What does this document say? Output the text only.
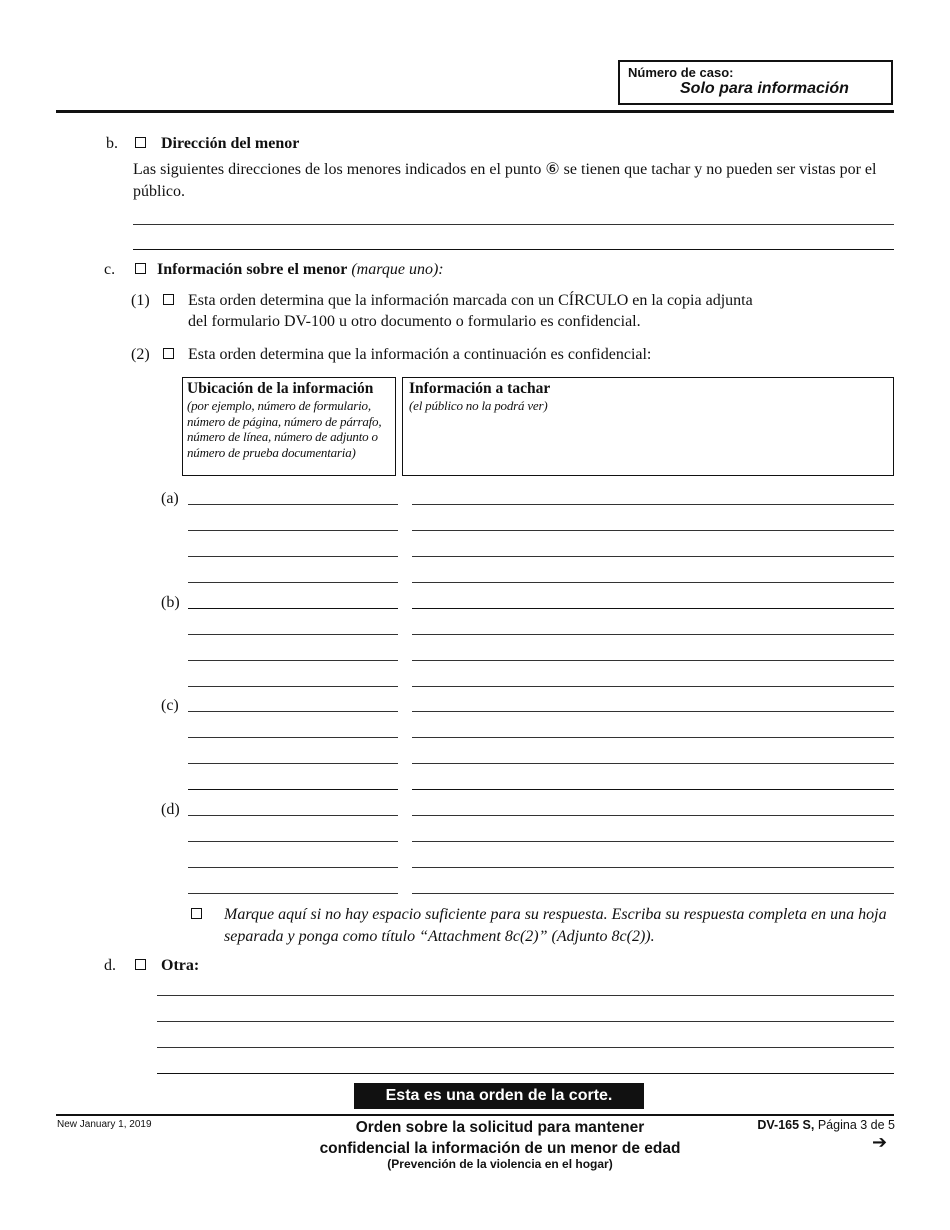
Número de caso:
Solo para información
b.	Dirección del menor
Las siguientes direcciones de los menores indicados en el punto ⑥ se tienen que tachar y no pueden ser vistas por el público.
c.	Información sobre el menor (marque uno):
(1) Esta orden determina que la información marcada con un CÍRCULO en la copia adjunta
del formulario DV-100 u otro documento o formulario es confidencial.
(2) Esta orden determina que la información a continuación es confidencial:
Ubicación de la información
(por ejemplo, número de formulario, número de página, número de párrafo, número de línea, número de adjunto o número de prueba documentaria)
Información a tachar
(el público no la podrá ver)
(a)
(b)
(c)
(d)
Marque aquí si no hay espacio suficiente para su respuesta. Escriba su respuesta completa en una hoja separada y ponga como título “Attachment 8c(2)” (Adjunto 8c(2)).
d.	Otra:
Esta es una orden de la corte.
New January 1, 2019	Orden sobre la solicitud para mantener
confidencial la información de un menor de edad
(Prevención de la violencia en el hogar)
DV-165 S, Página 3 de 5
➔
